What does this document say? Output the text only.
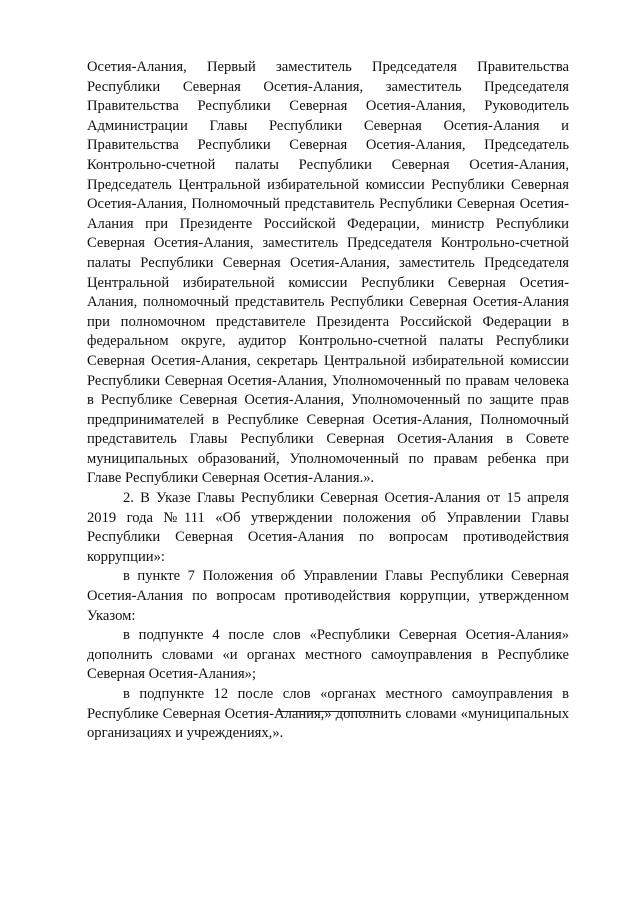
Осетия-Алания, Первый заместитель Председателя Правительства Республики Северная Осетия-Алания, заместитель Председателя Правительства Республики Северная Осетия-Алания, Руководитель Администрации Главы Республики Северная Осетия-Алания и Правительства Республики Северная Осетия-Алания, Председатель Контрольно-счетной палаты Республики Северная Осетия-Алания, Председатель Центральной избирательной комиссии Республики Северная Осетия-Алания, Полномочный представитель Республики Северная Осетия-Алания при Президенте Российской Федерации, министр Республики Северная Осетия-Алания, заместитель Председателя Контрольно-счетной палаты Республики Северная Осетия-Алания, заместитель Председателя Центральной избирательной комиссии Республики Северная Осетия-Алания, полномочный представитель Республики Северная Осетия-Алания при полномочном представителе Президента Российской Федерации в федеральном округе, аудитор Контрольно-счетной палаты Республики Северная Осетия-Алания, секретарь Центральной избирательной комиссии Республики Северная Осетия-Алания, Уполномоченный по правам человека в Республике Северная Осетия-Алания, Уполномоченный по защите прав предпринимателей в Республике Северная Осетия-Алания, Полномочный представитель Главы Республики Северная Осетия-Алания в Совете муниципальных образований, Уполномоченный по правам ребенка при Главе Республики Северная Осетия-Алания.».

2. В Указе Главы Республики Северная Осетия-Алания от 15 апреля 2019 года №111 «Об утверждении положения об Управлении Главы Республики Северная Осетия-Алания по вопросам противодействия коррупции»:

в пункте 7 Положения об Управлении Главы Республики Северная Осетия-Алания по вопросам противодействия коррупции, утвержденном Указом:

в подпункте 4 после слов «Республики Северная Осетия-Алания» дополнить словами «и органах местного самоуправления в Республике Северная Осетия-Алания»;

в подпункте 12 после слов «органах местного самоуправления в Республике Северная Осетия-Алания,» дополнить словами «муниципальных организациях и учреждениях,».
